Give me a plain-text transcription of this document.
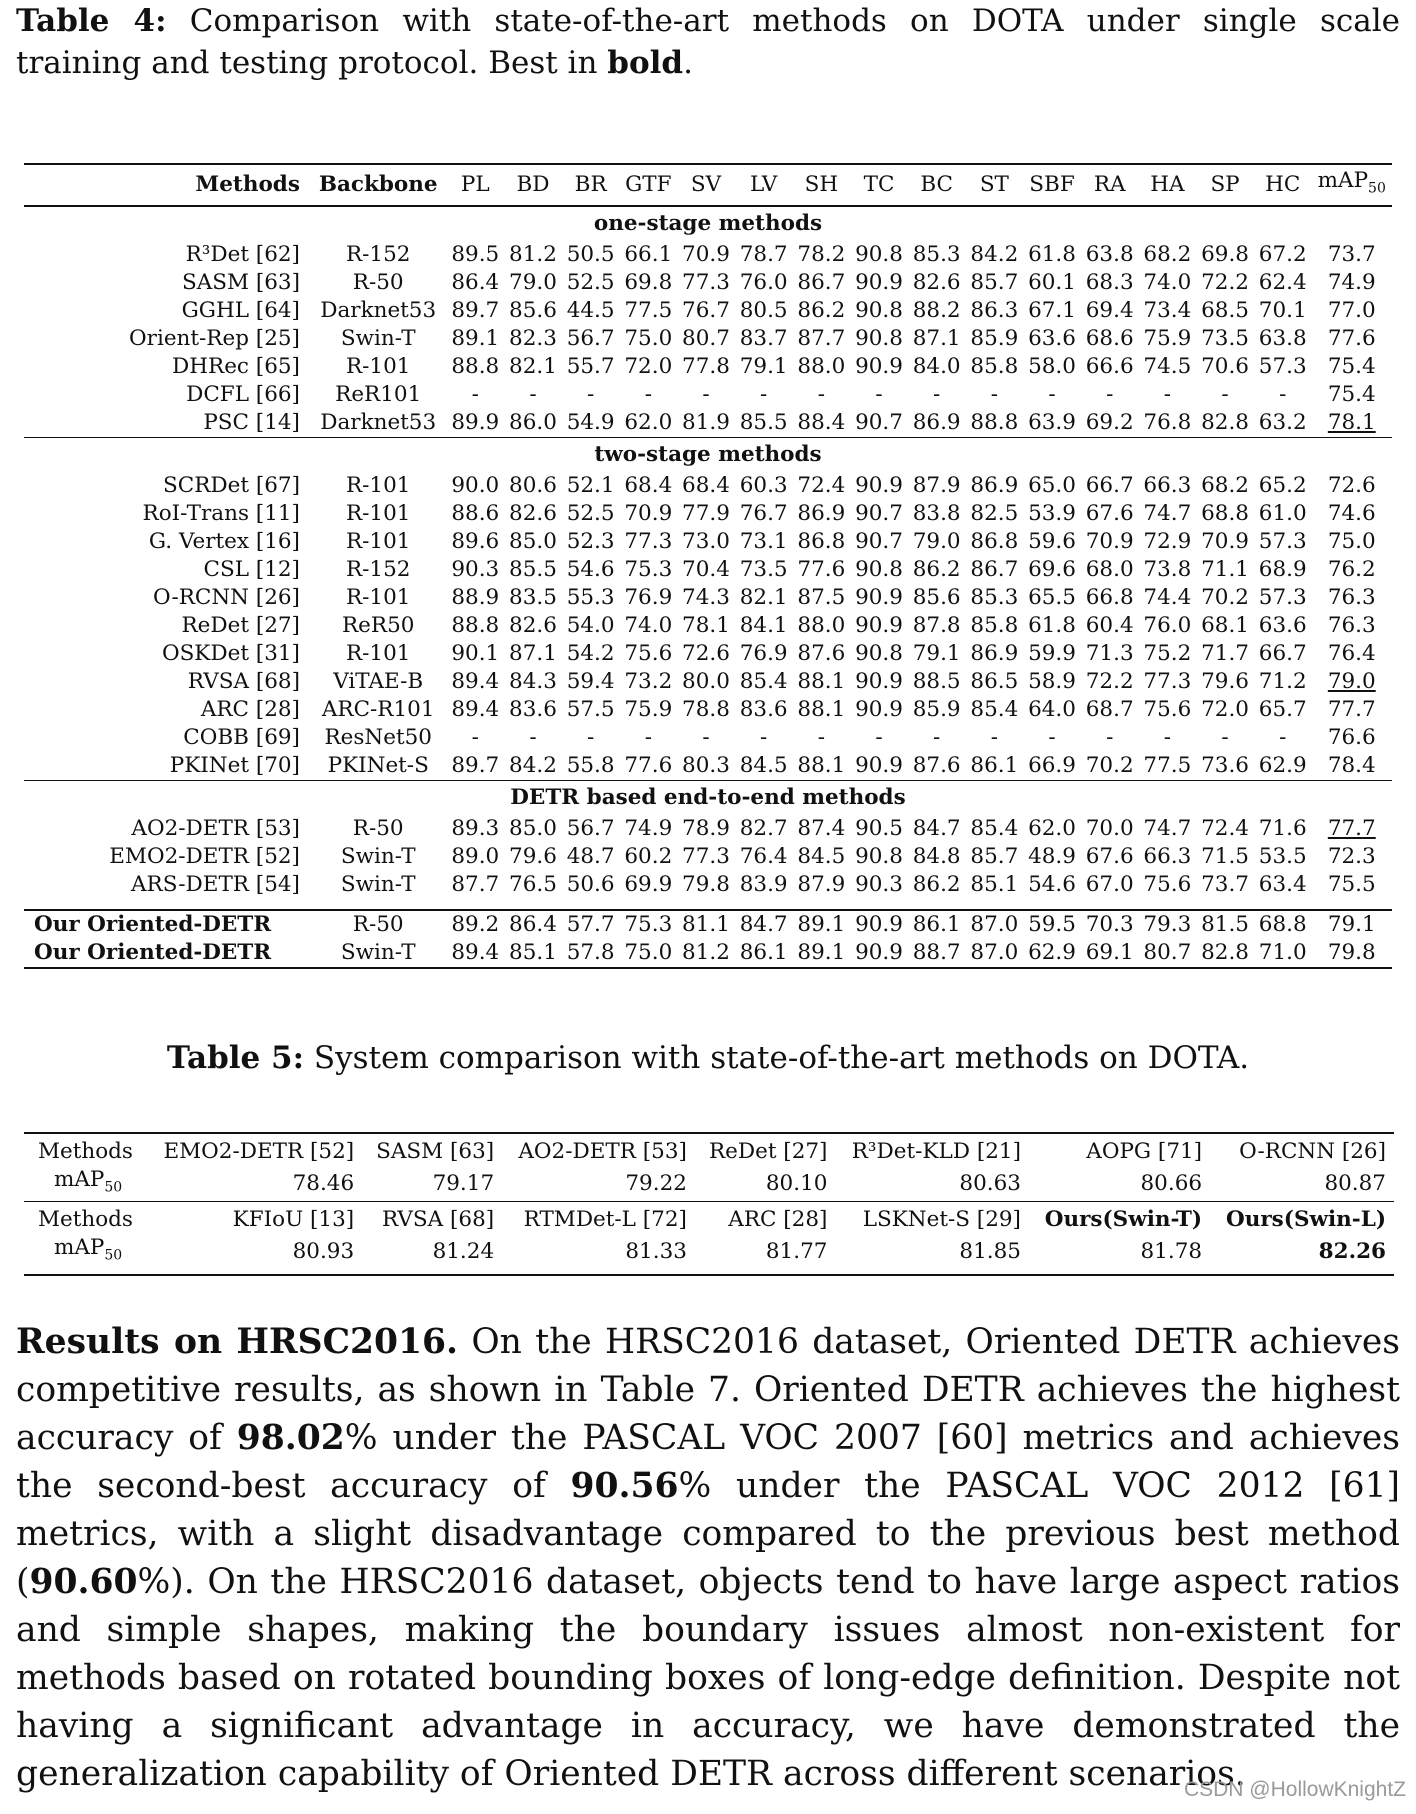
Table 4: Comparison with state-of-the-art methods on DOTA under single scale training and testing protocol. Best in bold.
Methods	Backbone	PL	BD	BR	GTF	SV	LV	SH	TC	BC	ST	SBF	RA	HA	SP	HC	mAP$_{50}$
one-stage methods																	
R³Det [62]	R-152	89.5	81.2	50.5	66.1	70.9	78.7	78.2	90.8	85.3	84.2	61.8	63.8	68.2	69.8	67.2	73.7
SASM [63]	R-50	86.4	79.0	52.5	69.8	77.3	76.0	86.7	90.9	82.6	85.7	60.1	68.3	74.0	72.2	62.4	74.9
GGHL [64]	Darknet53	89.7	85.6	44.5	77.5	76.7	80.5	86.2	90.8	88.2	86.3	67.1	69.4	73.4	68.5	70.1	77.0
Orient-Rep [25]	Swin-T	89.1	82.3	56.7	75.0	80.7	83.7	87.7	90.8	87.1	85.9	63.6	68.6	75.9	73.5	63.8	77.6
DHRec [65]	R-101	88.8	82.1	55.7	72.0	77.8	79.1	88.0	90.9	84.0	85.8	58.0	66.6	74.5	70.6	57.3	75.4
DCFL [66]	ReR101	-	-	-	-	-	-	-	-	-	-	-	-	-	-	-	75.4
PSC [14]	Darknet53	89.9	86.0	54.9	62.0	81.9	85.5	88.4	90.7	86.9	88.8	63.9	69.2	76.8	82.8	63.2	78.1
two-stage methods																	
SCRDet [67]	R-101	90.0	80.6	52.1	68.4	68.4	60.3	72.4	90.9	87.9	86.9	65.0	66.7	66.3	68.2	65.2	72.6
RoI-Trans [11]	R-101	88.6	82.6	52.5	70.9	77.9	76.7	86.9	90.7	83.8	82.5	53.9	67.6	74.7	68.8	61.0	74.6
G. Vertex [16]	R-101	89.6	85.0	52.3	77.3	73.0	73.1	86.8	90.7	79.0	86.8	59.6	70.9	72.9	70.9	57.3	75.0
CSL [12]	R-152	90.3	85.5	54.6	75.3	70.4	73.5	77.6	90.8	86.2	86.7	69.6	68.0	73.8	71.1	68.9	76.2
O-RCNN [26]	R-101	88.9	83.5	55.3	76.9	74.3	82.1	87.5	90.9	85.6	85.3	65.5	66.8	74.4	70.2	57.3	76.3
ReDet [27]	ReR50	88.8	82.6	54.0	74.0	78.1	84.1	88.0	90.9	87.8	85.8	61.8	60.4	76.0	68.1	63.6	76.3
OSKDet [31]	R-101	90.1	87.1	54.2	75.6	72.6	76.9	87.6	90.8	79.1	86.9	59.9	71.3	75.2	71.7	66.7	76.4
RVSA [68]	ViTAE-B	89.4	84.3	59.4	73.2	80.0	85.4	88.1	90.9	88.5	86.5	58.9	72.2	77.3	79.6	71.2	79.0
ARC [28]	ARC-R101	89.4	83.6	57.5	75.9	78.8	83.6	88.1	90.9	85.9	85.4	64.0	68.7	75.6	72.0	65.7	77.7
COBB [69]	ResNet50	-	-	-	-	-	-	-	-	-	-	-	-	-	-	-	76.6
PKINet [70]	PKINet-S	89.7	84.2	55.8	77.6	80.3	84.5	88.1	90.9	87.6	86.1	66.9	70.2	77.5	73.6	62.9	78.4
DETR based end-to-end methods																	
AO2-DETR [53]	R-50	89.3	85.0	56.7	74.9	78.9	82.7	87.4	90.5	84.7	85.4	62.0	70.0	74.7	72.4	71.6	77.7
EMO2-DETR [52]	Swin-T	89.0	79.6	48.7	60.2	77.3	76.4	84.5	90.8	84.8	85.7	48.9	67.6	66.3	71.5	53.5	72.3
ARS-DETR [54]	Swin-T	87.7	76.5	50.6	69.9	79.8	83.9	87.9	90.3	86.2	85.1	54.6	67.0	75.6	73.7	63.4	75.5

Our Oriented-DETR	R-50	89.2	86.4	57.7	75.3	81.1	84.7	89.1	90.9	86.1	87.0	59.5	70.3	79.3	81.5	68.8	79.1
Our Oriented-DETR	Swin-T	89.4	85.1	57.8	75.0	81.2	86.1	89.1	90.9	88.7	87.0	62.9	69.1	80.7	82.8	71.0	79.8
Table 5: System comparison with state-of-the-art methods on DOTA.
Methods	EMO2-DETR [52]	SASM [63]	AO2-DETR [53]	ReDet [27]	R³Det-KLD [21]	AOPG [71]	O-RCNN [26]
mAP$_{50}$	78.46	79.17	79.22	80.10	80.63	80.66	80.87
Methods	KFIoU [13]	RVSA [68]	RTMDet-L [72]	ARC [28]	LSKNet-S [29]	Ours(Swin-T)	Ours(Swin-L)
mAP$_{50}$	80.93	81.24	81.33	81.77	81.85	81.78	82.26
Results on HRSC2016. On the HRSC2016 dataset, Oriented DETR achieves competitive results, as shown in Table 7. Oriented DETR achieves the highest accuracy of 98.02% under the PASCAL VOC 2007 [60] metrics and achieves the second-best accuracy of 90.56% under the PASCAL VOC 2012 [61] metrics, with a slight disadvantage compared to the previous best method (90.60%). On the HRSC2016 dataset, objects tend to have large aspect ratios and simple shapes, making the boundary issues almost non-existent for methods based on rotated bounding boxes of long-edge definition. Despite not having a significant advantage in accuracy, we have demonstrated the generalization capability of Oriented DETR across different scenarios.
CSDN @HollowKnightZ
